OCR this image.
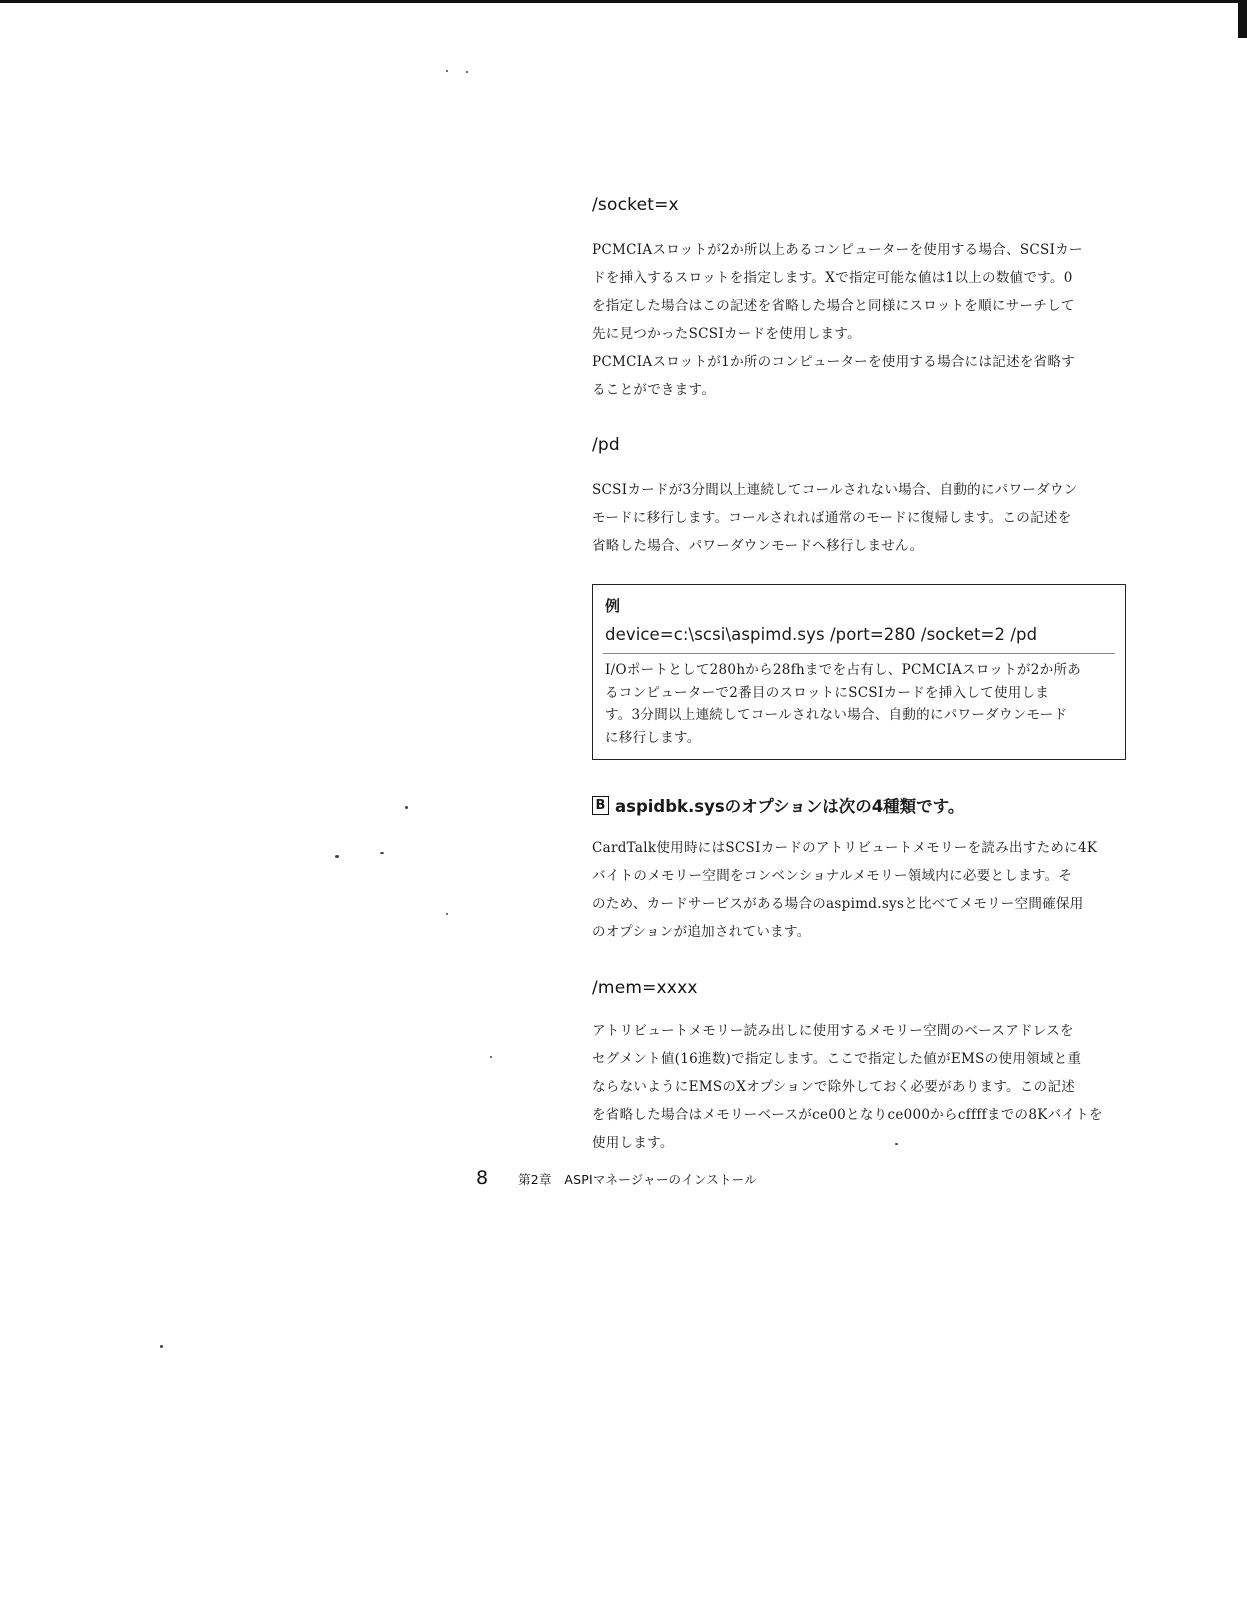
/socket=x

PCMCIAスロットが2か所以上あるコンピューターを使用する場合、SCSIカー

ドを挿入するスロットを指定します。Xで指定可能な値は1以上の数値です。0

を指定した場合はこの記述を省略した場合と同様にスロットを順にサーチして

先に見つかったSCSIカードを使用します。

PCMCIAスロットが1か所のコンピューターを使用する場合には記述を省略す

ることができます。

/pd

SCSIカードが3分間以上連続してコールされない場合、自動的にパワーダウン

モードに移行します。コールされれば通常のモードに復帰します。この記述を

省略した場合、パワーダウンモードへ移行しません。

CardTalk使用時にはSCSIカードのアトリビュートメモリーを読み出すために4K

バイトのメモリー空間をコンベンショナルメモリー領域内に必要とします。そ

のため、カードサービスがある場合のaspimd.sysと比べてメモリー空間確保用

のオプションが追加されています。

/mem=xxxx

アトリビュートメモリー読み出しに使用するメモリー空間のベースアドレスを

セグメント値(16進数)で指定します。ここで指定した値がEMSの使用領域と重

ならないようにEMSのXオプションで除外しておく必要があります。この記述

を省略した場合はメモリーベースがce00となりce000からcffffまでの8Kバイトを

使用します。

例
device=c:\scsi\aspimd.sys /port=280 /socket=2 /pd
I/Oポートとして280hから28fhまでを占有し、PCMCIAスロットが2か所あ
るコンピューターで2番目のスロットにSCSIカードを挿入して使用しま
す。3分間以上連続してコールされない場合、自動的にパワーダウンモード
に移行します。
B aspidbk.sysのオプションは次の4種類です。
8 第2章　ASPIマネージャーのインストール
